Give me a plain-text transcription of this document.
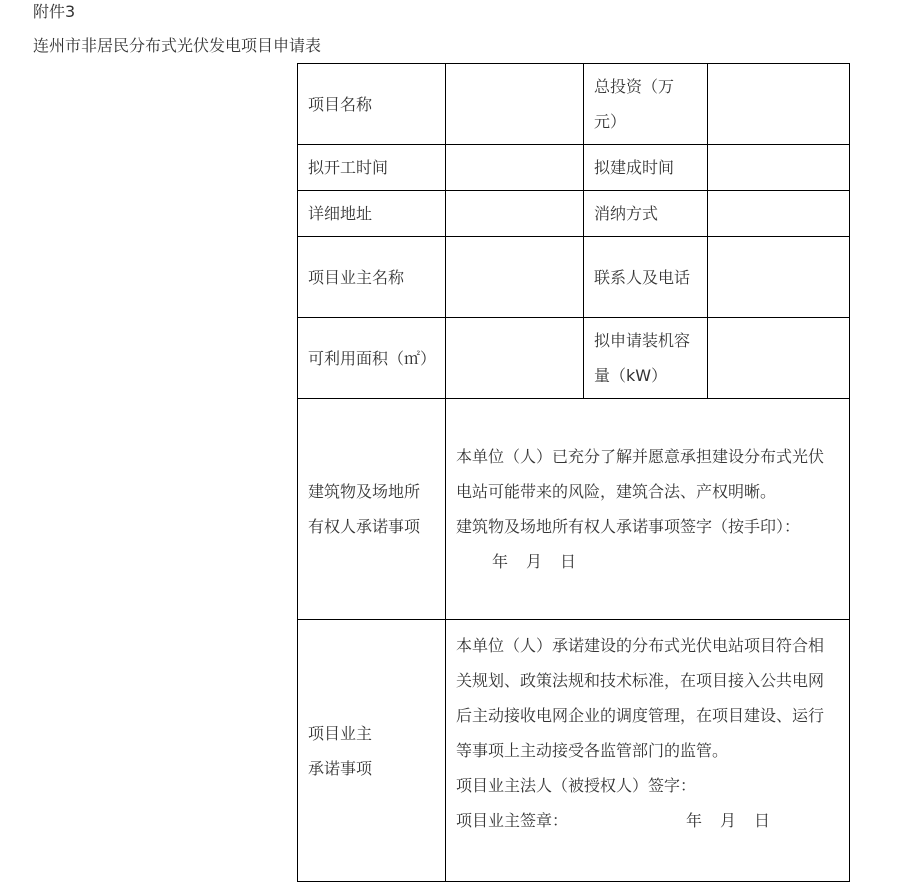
附件3
连州市非居民分布式光伏发电项目申请表
项目名称		总投资（万元）	

拟开工时间		拟建成时间	

详细地址		消纳方式	

项目业主名称		联系人及电话	

可利用面积（㎡）		拟申请装机容量（kW）	

建筑物及场地所有权人承诺事项	本单位（人）已充分了解并愿意承担建设分布式光伏电站可能带来的风险，建筑合法、产权明晰。
建筑物及场地所有权人承诺事项签字（按手印）：
年 月 日		

项目业主
承诺事项	本单位（人）承诺建设的分布式光伏电站项目符合相关规划、政策法规和技术标准，在项目接入公共电网后主动接收电网企业的调度管理，在项目建设、运行等事项上主动接受各监管部门的监管。
项目业主法人（被授权人）签字：
项目业主签章： 年 月 日		
